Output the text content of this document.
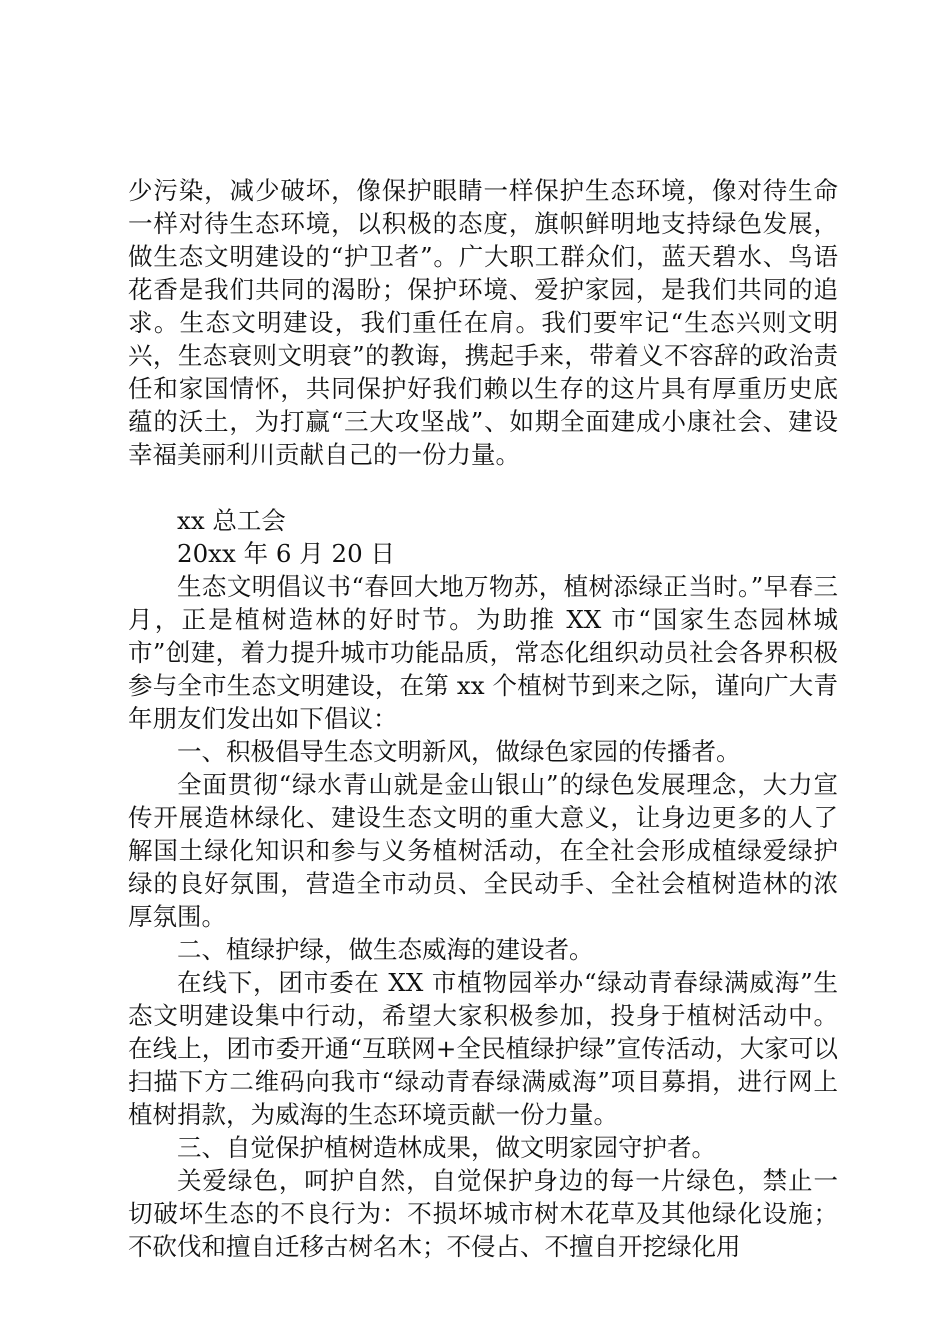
少污染，减少破坏，像保护眼睛一样保护生态环境，像对待生命一样对待生态环境，以积极的态度，旗帜鲜明地支持绿色发展，做生态文明建设的“护卫者”。广大职工群众们，蓝天碧水、鸟语花香是我们共同的渴盼；保护环境、爱护家园，是我们共同的追求。生态文明建设，我们重任在肩。我们要牢记“生态兴则文明兴，生态衰则文明衰”的教诲，携起手来，带着义不容辞的政治责任和家国情怀，共同保护好我们赖以生存的这片具有厚重历史底蕴的沃土，为打赢“三大攻坚战”、如期全面建成小康社会、建设幸福美丽利川贡献自己的一份力量。

xx 总工会

20xx 年 6 月 20 日

生态文明倡议书“春回大地万物苏，植树添绿正当时。”早春三月，正是植树造林的好时节。为助推 XX 市“国家生态园林城市”创建，着力提升城市功能品质，常态化组织动员社会各界积极参与全市生态文明建设，在第 xx 个植树节到来之际，谨向广大青年朋友们发出如下倡议：

一、积极倡导生态文明新风，做绿色家园的传播者。

全面贯彻“绿水青山就是金山银山”的绿色发展理念，大力宣传开展造林绿化、建设生态文明的重大意义，让身边更多的人了解国土绿化知识和参与义务植树活动，在全社会形成植绿爱绿护绿的良好氛围，营造全市动员、全民动手、全社会植树造林的浓厚氛围。

二、植绿护绿，做生态威海的建设者。

在线下，团市委在 XX 市植物园举办“绿动青春绿满威海”生态文明建设集中行动，希望大家积极参加，投身于植树活动中。在线上，团市委开通“互联网+全民植绿护绿”宣传活动，大家可以扫描下方二维码向我市“绿动青春绿满威海”项目募捐，进行网上植树捐款，为威海的生态环境贡献一份力量。

三、自觉保护植树造林成果，做文明家园守护者。

关爱绿色，呵护自然，自觉保护身边的每一片绿色，禁止一切破坏生态的不良行为：不损坏城市树木花草及其他绿化设施；不砍伐和擅自迁移古树名木；不侵占、不擅自开挖绿化用
